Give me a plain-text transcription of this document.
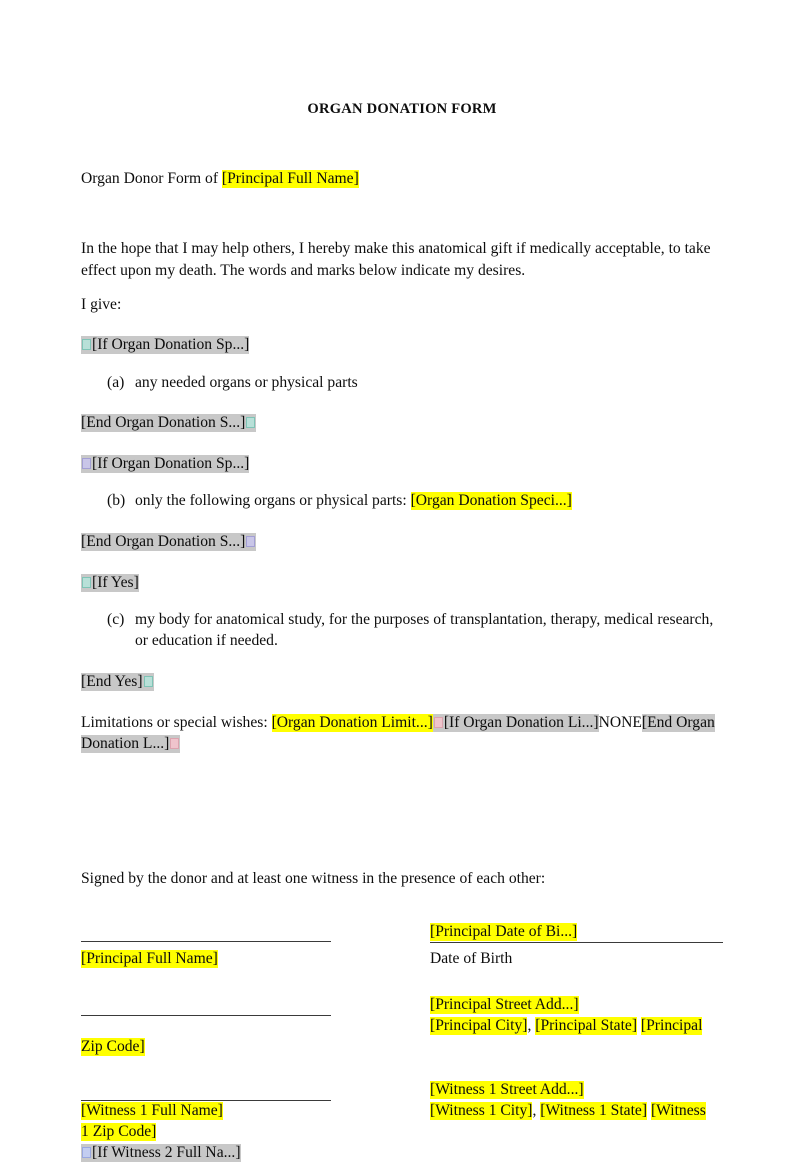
ORGAN DONATION FORM
Organ Donor Form of [Principal Full Name]
In the hope that I may help others, I hereby make this anatomical gift if medically acceptable, to take effect upon my death. The words and marks below indicate my desires.
I give:
[If Organ Donation Sp...]
(a) any needed organs or physical parts
[End Organ Donation S...]
[If Organ Donation Sp...]
(b) only the following organs or physical parts: [Organ Donation Speci...]
[End Organ Donation S...]
[If Yes]
(c) my body for anatomical study, for the purposes of transplantation, therapy, medical research, or education if needed.
[End Yes]
Limitations or special wishes: [Organ Donation Limit...] [If Organ Donation Li...]NONE[End Organ Donation L...]
Signed by the donor and at least one witness in the presence of each other:
[Principal Date of Bi...]
[Principal Full Name]	Date of Birth
[Principal Street Add...]
[Principal City], [Principal State] [Principal
Zip Code]
[Witness 1 Street Add...]
[Witness 1 Full Name]	[Witness 1 City], [Witness 1 State] [Witness
1 Zip Code]
[If Witness 2 Full Na...]
